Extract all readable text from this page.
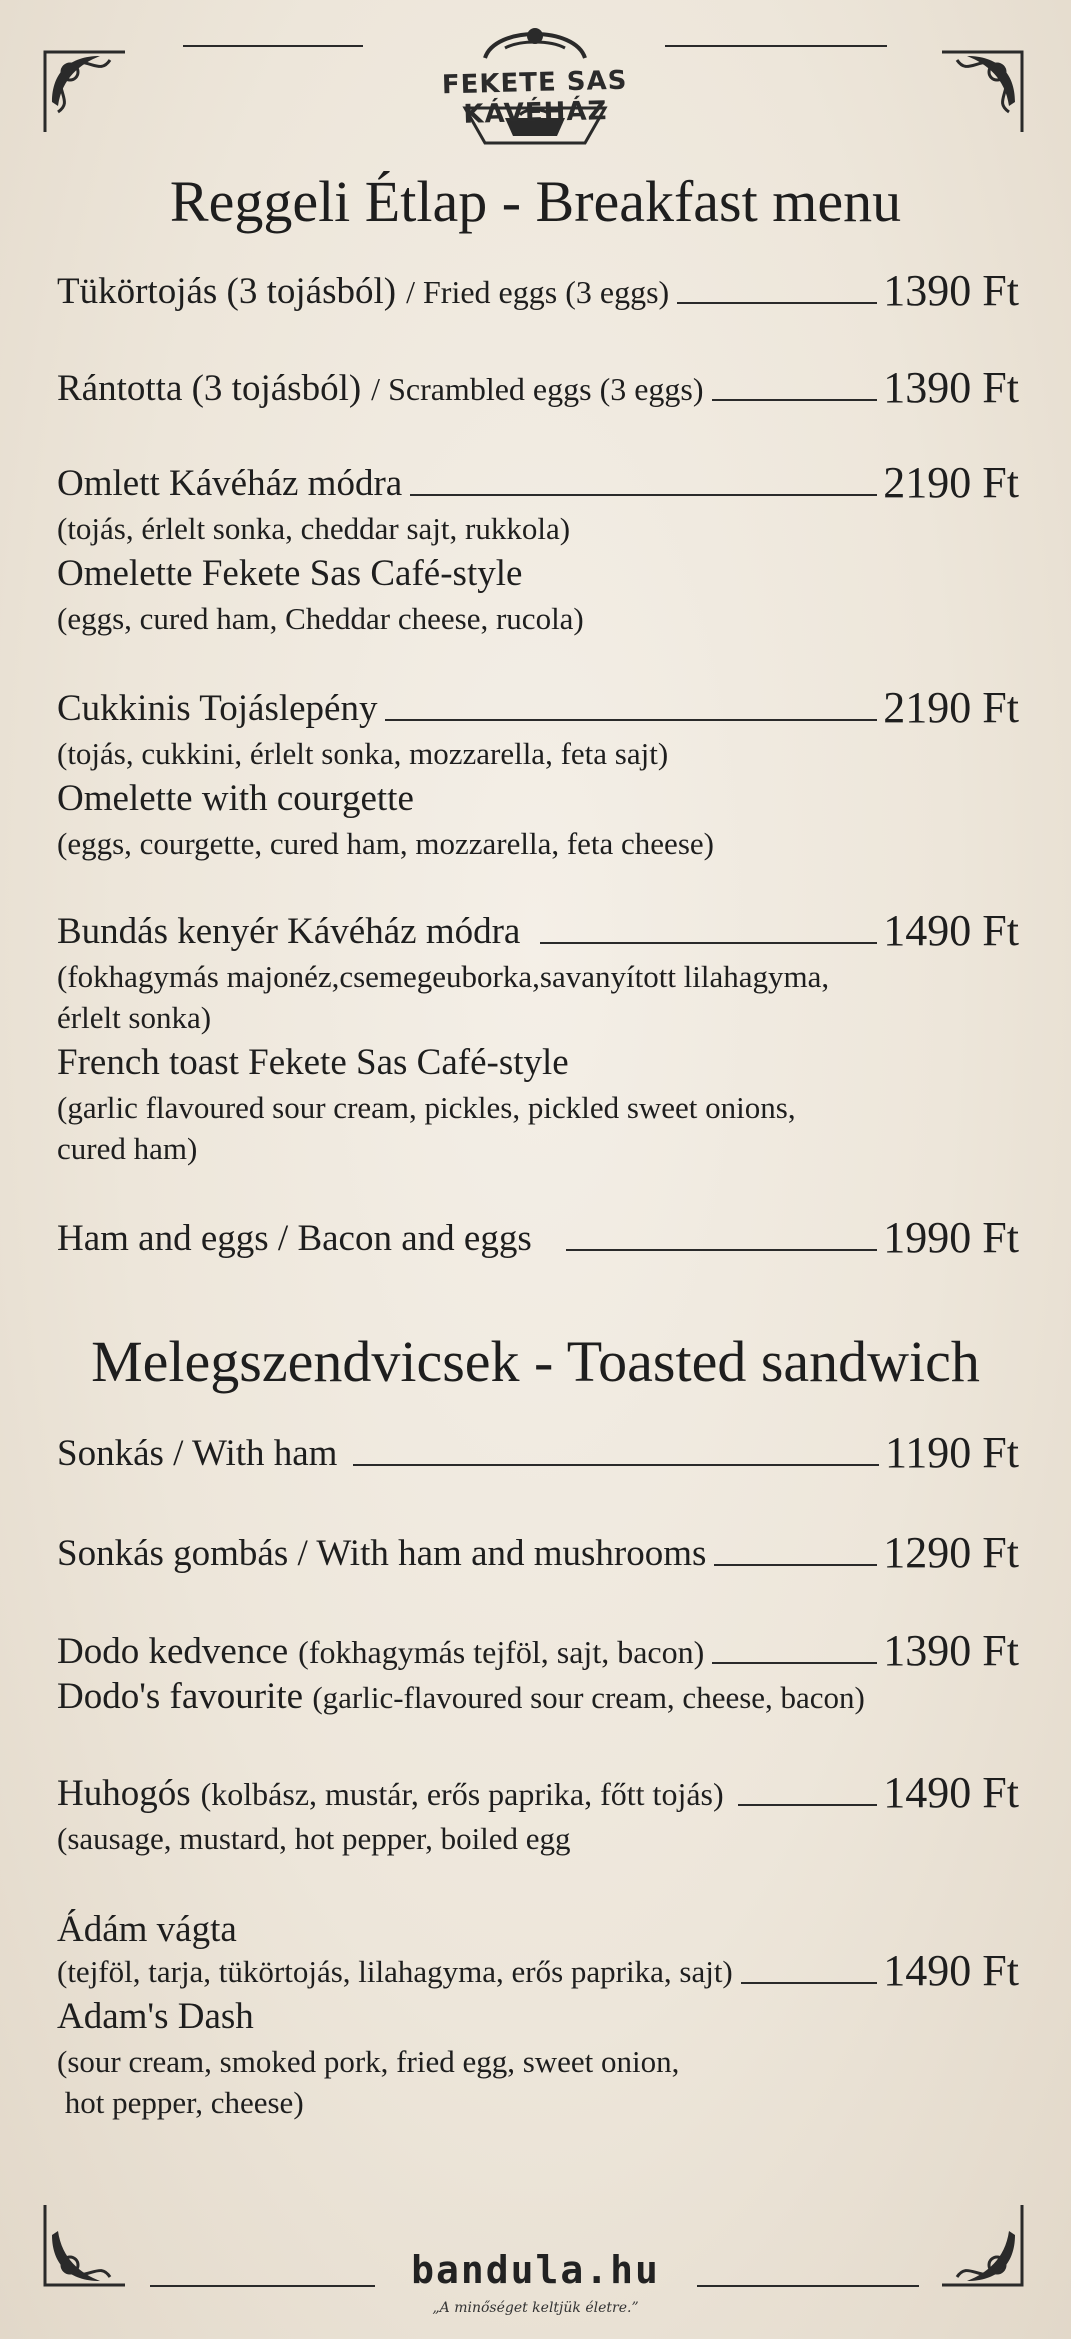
FEKETE SAS KÁVÉHÁZ
Reggeli Étlap - Breakfast menu
Tükörtojás (3 tojásból) / Fried eggs (3 eggs)	1390 Ft
Rántotta (3 tojásból) / Scrambled eggs (3 eggs)	1390 Ft
Omlett Kávéház módra	2190 Ft
(tojás, érlelt sonka, cheddar sajt, rukkola)
Omelette Fekete Sas Café-style
(eggs, cured ham, Cheddar cheese, rucola)
Cukkinis Tojáslepény	2190 Ft
(tojás, cukkini, érlelt sonka, mozzarella, feta sajt)
Omelette with courgette
(eggs, courgette, cured ham, mozzarella, feta cheese)
Bundás kenyér Kávéház módra	1490 Ft
(fokhagymás majonéz,csemegeuborka,savanyított lilahagyma,
érlelt sonka)
French toast Fekete Sas Café-style
(garlic flavoured sour cream, pickles, pickled sweet onions,
cured ham)
Ham and eggs / Bacon and eggs	1990 Ft
Melegszendvicsek - Toasted sandwich
Sonkás / With ham	1190 Ft
Sonkás gombás / With ham and mushrooms	1290 Ft
Dodo kedvence (fokhagymás tejföl, sajt, bacon)	1390 Ft
Dodo's favourite (garlic-flavoured sour cream, cheese, bacon)
Huhogós (kolbász, mustár, erős paprika, főtt tojás)	1490 Ft
(sausage, mustard, hot pepper, boiled egg
Ádám vágta
(tejföl, tarja, tükörtojás, lilahagyma, erős paprika, sajt)	1490 Ft
Adam's Dash
(sour cream, smoked pork, fried egg, sweet onion,
hot pepper, cheese)
bandula.hu
„A minőséget keltjük életre.”
